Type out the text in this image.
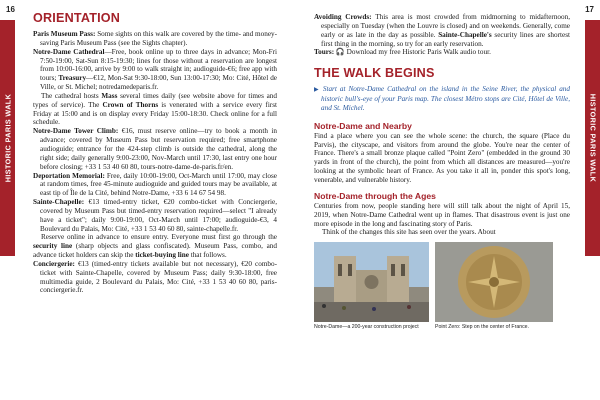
16	17
HISTORIC PARIS WALK	HISTORIC PARIS WALK
ORIENTATION

Paris Museum Pass: Some sights on this walk are covered by the time- and money-saving Paris Museum Pass (see the Sights chapter).

Notre-Dame Cathedral—Free, book online up to three days in advance; Mon-Fri 7:50-19:00, Sat-Sun 8:15-19:30; lines for those without a reservation are longest from 10:00-16:00, arrive by 9:00 to walk straight in; audioguide-€6; free app with tours; Treasury—€12, Mon-Sat 9:30-18:00, Sun 13:00-17:30; Mo: Cité, Hôtel de Ville, or St. Michel; notredamedeparis.fr.

The cathedral hosts Mass several times daily (see website above for times and types of service). The Crown of Thorns is venerated with a service every first Friday at 15:00 and is on display every Friday 15:00-18:30. Check online for a full schedule.

Notre-Dame Tower Climb: €16, must reserve online—try to book a month in advance; covered by Museum Pass but reservation required; free smartphone audioguide; entrance for the 424-step climb is outside the cathedral, along the right side; daily generally 9:00-23:00, Nov-March until 17:30, last entry one hour before closing; +33 1 53 40 60 80, tours-notre-dame-de-paris.fr/en.

Deportation Memorial: Free, daily 10:00-19:00, Oct-March until 17:00, may close at random times, free 45-minute audioguide and guided tours may be available, at east tip of Île de la Cité, behind Notre-Dame, +33 6 14 67 54 98.

Sainte-Chapelle: €13 timed-entry ticket, €20 combo-ticket with Conciergerie, covered by Museum Pass but timed-entry reservation required—select "I already have a ticket"; daily 9:00-19:00, Oct-March until 17:00; audioguide-€3, 4 Boulevard du Palais, Mo: Cité, +33 1 53 40 60 80, sainte-chapelle.fr.

Reserve online in advance to ensure entry. Everyone must first go through the security line (sharp objects and glass confiscated). Museum Pass, combo, and advance ticket holders can skip the ticket-buying line that follows.

Conciergerie: €13 (timed-entry tickets available but not necessary), €20 combo-ticket with Sainte-Chapelle, covered by Museum Pass; daily 9:30-18:00, free multimedia guide, 2 Boulevard du Palais, Mo: Cité, +33 1 53 40 60 80, paris-conciergerie.fr.

Avoiding Crowds: This area is most crowded from midmorning to midafternoon, especially on Tuesday (when the Louvre is closed) and on weekends. Generally, come early or as late in the day as possible. Sainte-Chapelle's security lines are shortest first thing in the morning, so try for an early reservation.

Tours: 🎧 Download my free Historic Paris Walk audio tour.

THE WALK BEGINS

▶ Start at Notre-Dame Cathedral on the island in the Seine River, the physical and historic bull's-eye of your Paris map. The closest Métro stops are Cité, Hôtel de Ville, and St. Michel.

Notre-Dame and Nearby

Find a place where you can see the whole scene: the church, the square (Place du Parvis), the cityscape, and visitors from around the globe. You're near the center of France. There's a small bronze plaque called "Point Zero" (embedded in the ground 30 yards in front of the church), the point from which all distances are measured—you're looking at the symbolic heart of France. As you take it all in, ponder this spot's long, venerable, and vulnerable history.

Notre-Dame through the Ages

Centuries from now, people standing here will still talk about the night of April 15, 2019, when Notre-Dame Cathedral went up in flames. That disastrous event is just one more episode in the long and fascinating story of Paris.

Think of the changes this site has seen over the years. About

Notre-Dame—a 200-year construction project	Point Zero: Step on the center of France.
